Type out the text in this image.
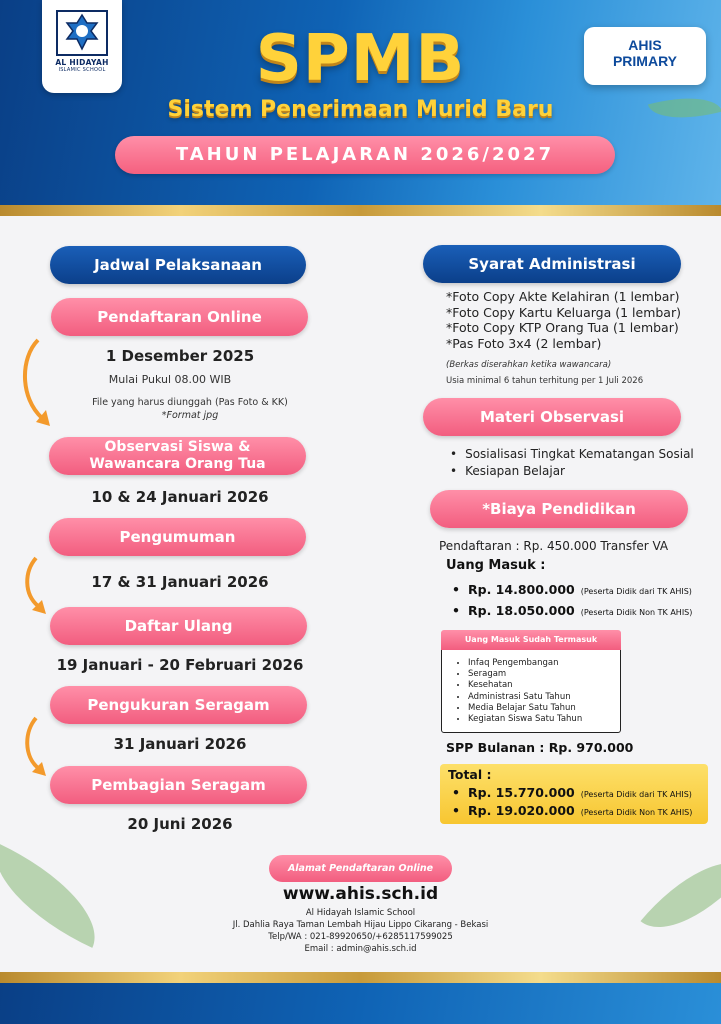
AL HIDAYAH
ISLAMIC SCHOOL	SPMB
Sistem Penerimaan Murid Baru
TAHUN PELAJARAN 2026/2027
AHIS
PRIMARY
Jadwal Pelaksanaan
Pendaftaran Online
1 Desember 2025
Mulai Pukul 08.00 WIB
File yang harus diunggah (Pas Foto & KK)
*Format jpg
Observasi Siswa &
Wawancara Orang Tua
10 & 24 Januari 2026
Pengumuman
17 & 31 Januari 2026
Daftar Ulang
19 Januari - 20 Februari 2026
Pengukuran Seragam
31 Januari 2026
Pembagian Seragam
20 Juni 2026
Syarat Administrasi
*Foto Copy Akte Kelahiran (1 lembar)
*Foto Copy Kartu Keluarga (1 lembar)
*Foto Copy KTP Orang Tua (1 lembar)
*Pas Foto 3x4 (2 lembar)
(Berkas diserahkan ketika wawancara)
Usia minimal 6 tahun terhitung per 1 Juli 2026
Materi Observasi
• Sosialisasi Tingkat Kematangan Sosial
• Kesiapan Belajar
*Biaya Pendidikan
Pendaftaran : Rp. 450.000 Transfer VA
Uang Masuk :
• Rp. 14.800.000 (Peserta Didik dari TK AHIS)
• Rp. 18.050.000 (Peserta Didik Non TK AHIS)
Uang Masuk Sudah Termasuk
• Infaq Pengembangan
• Seragam
• Kesehatan
• Administrasi Satu Tahun
• Media Belajar Satu Tahun
• Kegiatan Siswa Satu Tahun
SPP Bulanan : Rp. 970.000
Total :
• Rp. 15.770.000 (Peserta Didik dari TK AHIS)
• Rp. 19.020.000 (Peserta Didik Non TK AHIS)
Alamat Pendaftaran Online
www.ahis.sch.id
Al Hidayah Islamic School
Jl. Dahlia Raya Taman Lembah Hijau Lippo Cikarang - Bekasi
Telp/WA : 021-89920650/+6285117599025
Email : admin@ahis.sch.id
